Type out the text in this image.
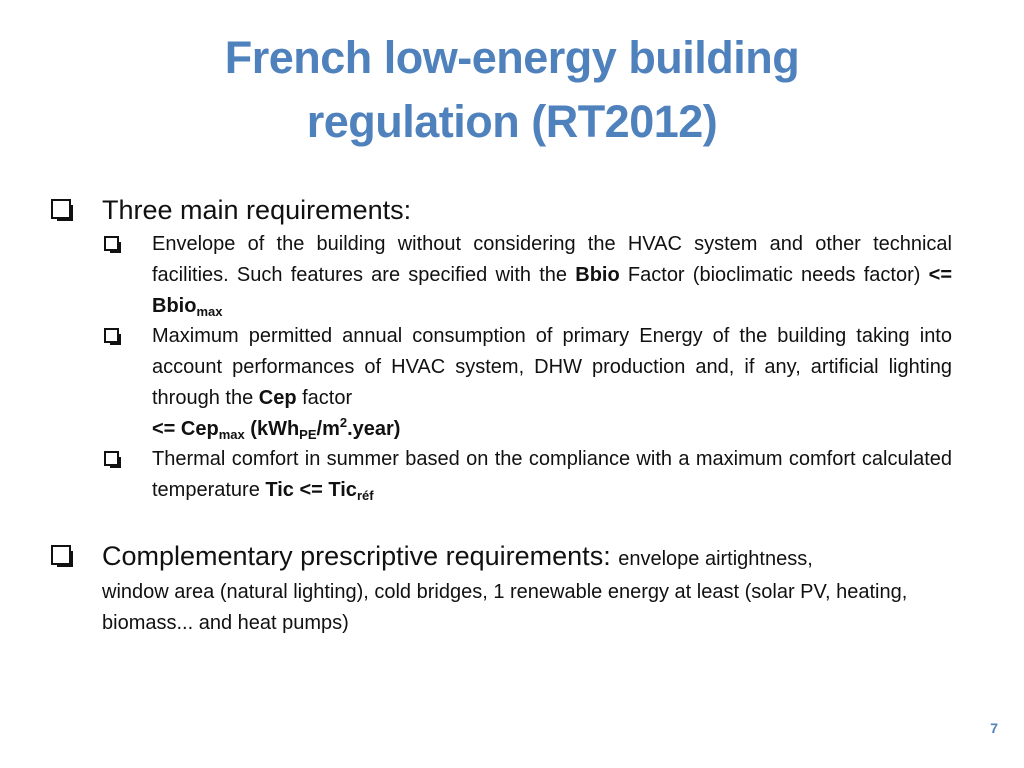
French low-energy building
regulation (RT2012)
Three main requirements:
Envelope of the building without considering the HVAC system and other technical facilities. Such features are specified with the Bbio Factor (bioclimatic needs factor) <= Bbio$_{max}$
Maximum permitted annual consumption of primary Energy of the building taking into account performances of HVAC system, DHW production and, if any, artificial lighting through the Cep factor
<= Cep$_{max}$ $(kWh_{PE}/m^2.year)$
Thermal comfort in summer based on the compliance with a maximum comfort calculated temperature Tic <= Tic$_{réf}$
Complementary prescriptive requirements: envelope airtightness,
window area (natural lighting), cold bridges, 1 renewable energy at least (solar PV, heating, biomass... and heat pumps)
7
